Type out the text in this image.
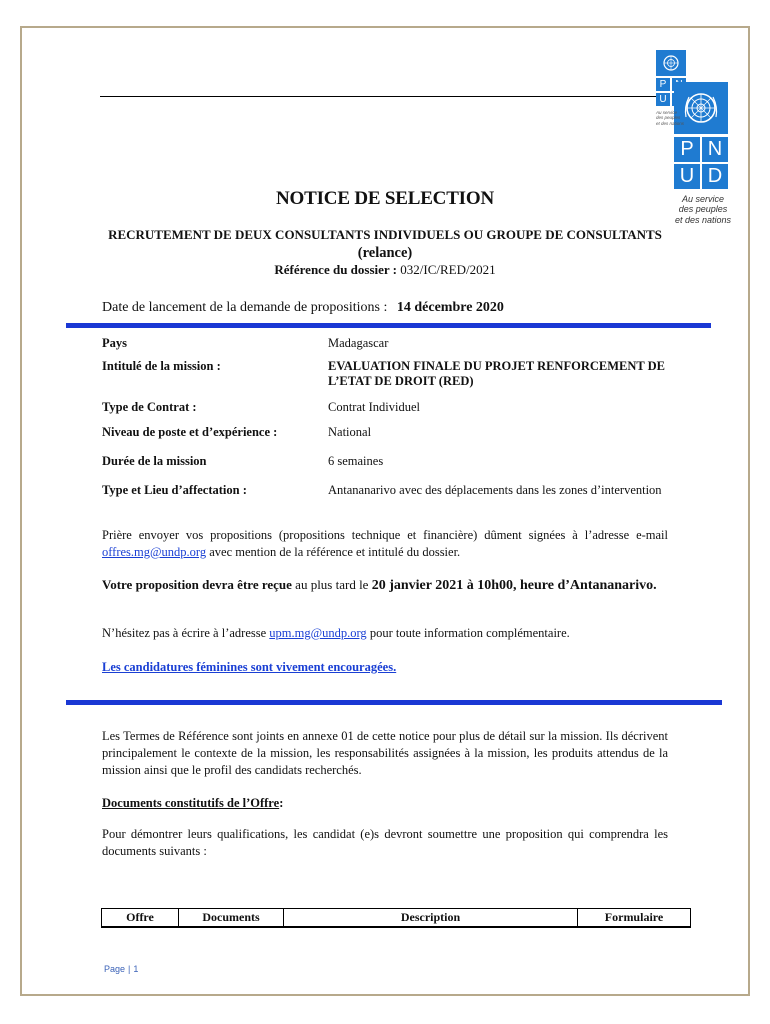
P
U
P N
U D
Au service
des peuples
et des nations
Au service
des peuples
et des nations
NOTICE DE SELECTION
RECRUTEMENT DE DEUX CONSULTANTS INDIVIDUELS OU GROUPE DE CONSULTANTS (relance)
Référence du dossier : 032/IC/RED/2021
Date de lancement de la demande de propositions : 14 décembre 2020
Pays	Madagascar
Intitulé de la mission :	EVALUATION FINALE DU PROJET RENFORCEMENT DE L’ETAT DE DROIT (RED)
Type de Contrat :	Contrat Individuel
Niveau de poste et d’expérience :	National
Durée de la mission	6 semaines
Type et Lieu d’affectation :	Antananarivo avec des déplacements dans les zones d’intervention
Prière envoyer vos propositions (propositions technique et financière) dûment signées à l’adresse e-mail offres.mg@undp.org avec mention de la référence et intitulé du dossier.
Votre proposition devra être reçue au plus tard le 20 janvier 2021 à 10h00, heure d’Antananarivo.
N’hésitez pas à écrire à l’adresse upm.mg@undp.org pour toute information complémentaire.
Les candidatures féminines sont vivement encouragées.
Les Termes de Référence sont joints en annexe 01 de cette notice pour plus de détail sur la mission. Ils décrivent principalement le contexte de la mission, les responsabilités assignées à la mission, les produits attendus de la mission ainsi que le profil des candidats recherchés.
Documents constitutifs de l’Offre:
Pour démontrer leurs qualifications, les candidat (e)s devront soumettre une proposition qui comprendra les documents suivants :
Offre	Documents	Description	Formulaire
Page | 1
